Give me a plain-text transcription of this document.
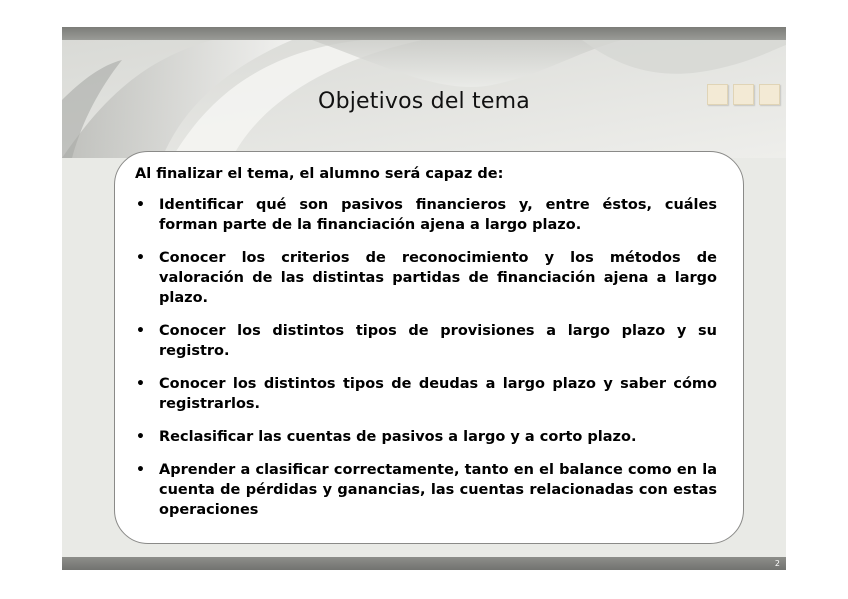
Objetivos del tema
Al finalizar el tema, el alumno será capaz de:
• Identificar qué son pasivos financieros y, entre éstos, cuáles forman parte de la financiación ajena a largo plazo.
• Conocer los criterios de reconocimiento y los métodos de valoración de las distintas partidas de financiación ajena a largo plazo.
• Conocer los distintos tipos de provisiones a largo plazo y su registro.
• Conocer los distintos tipos de deudas a largo plazo y saber cómo registrarlos.
• Reclasificar las cuentas de pasivos a largo y a corto plazo.
• Aprender a clasificar correctamente, tanto en el balance como en la cuenta de pérdidas y ganancias, las cuentas relacionadas con estas operaciones
2
